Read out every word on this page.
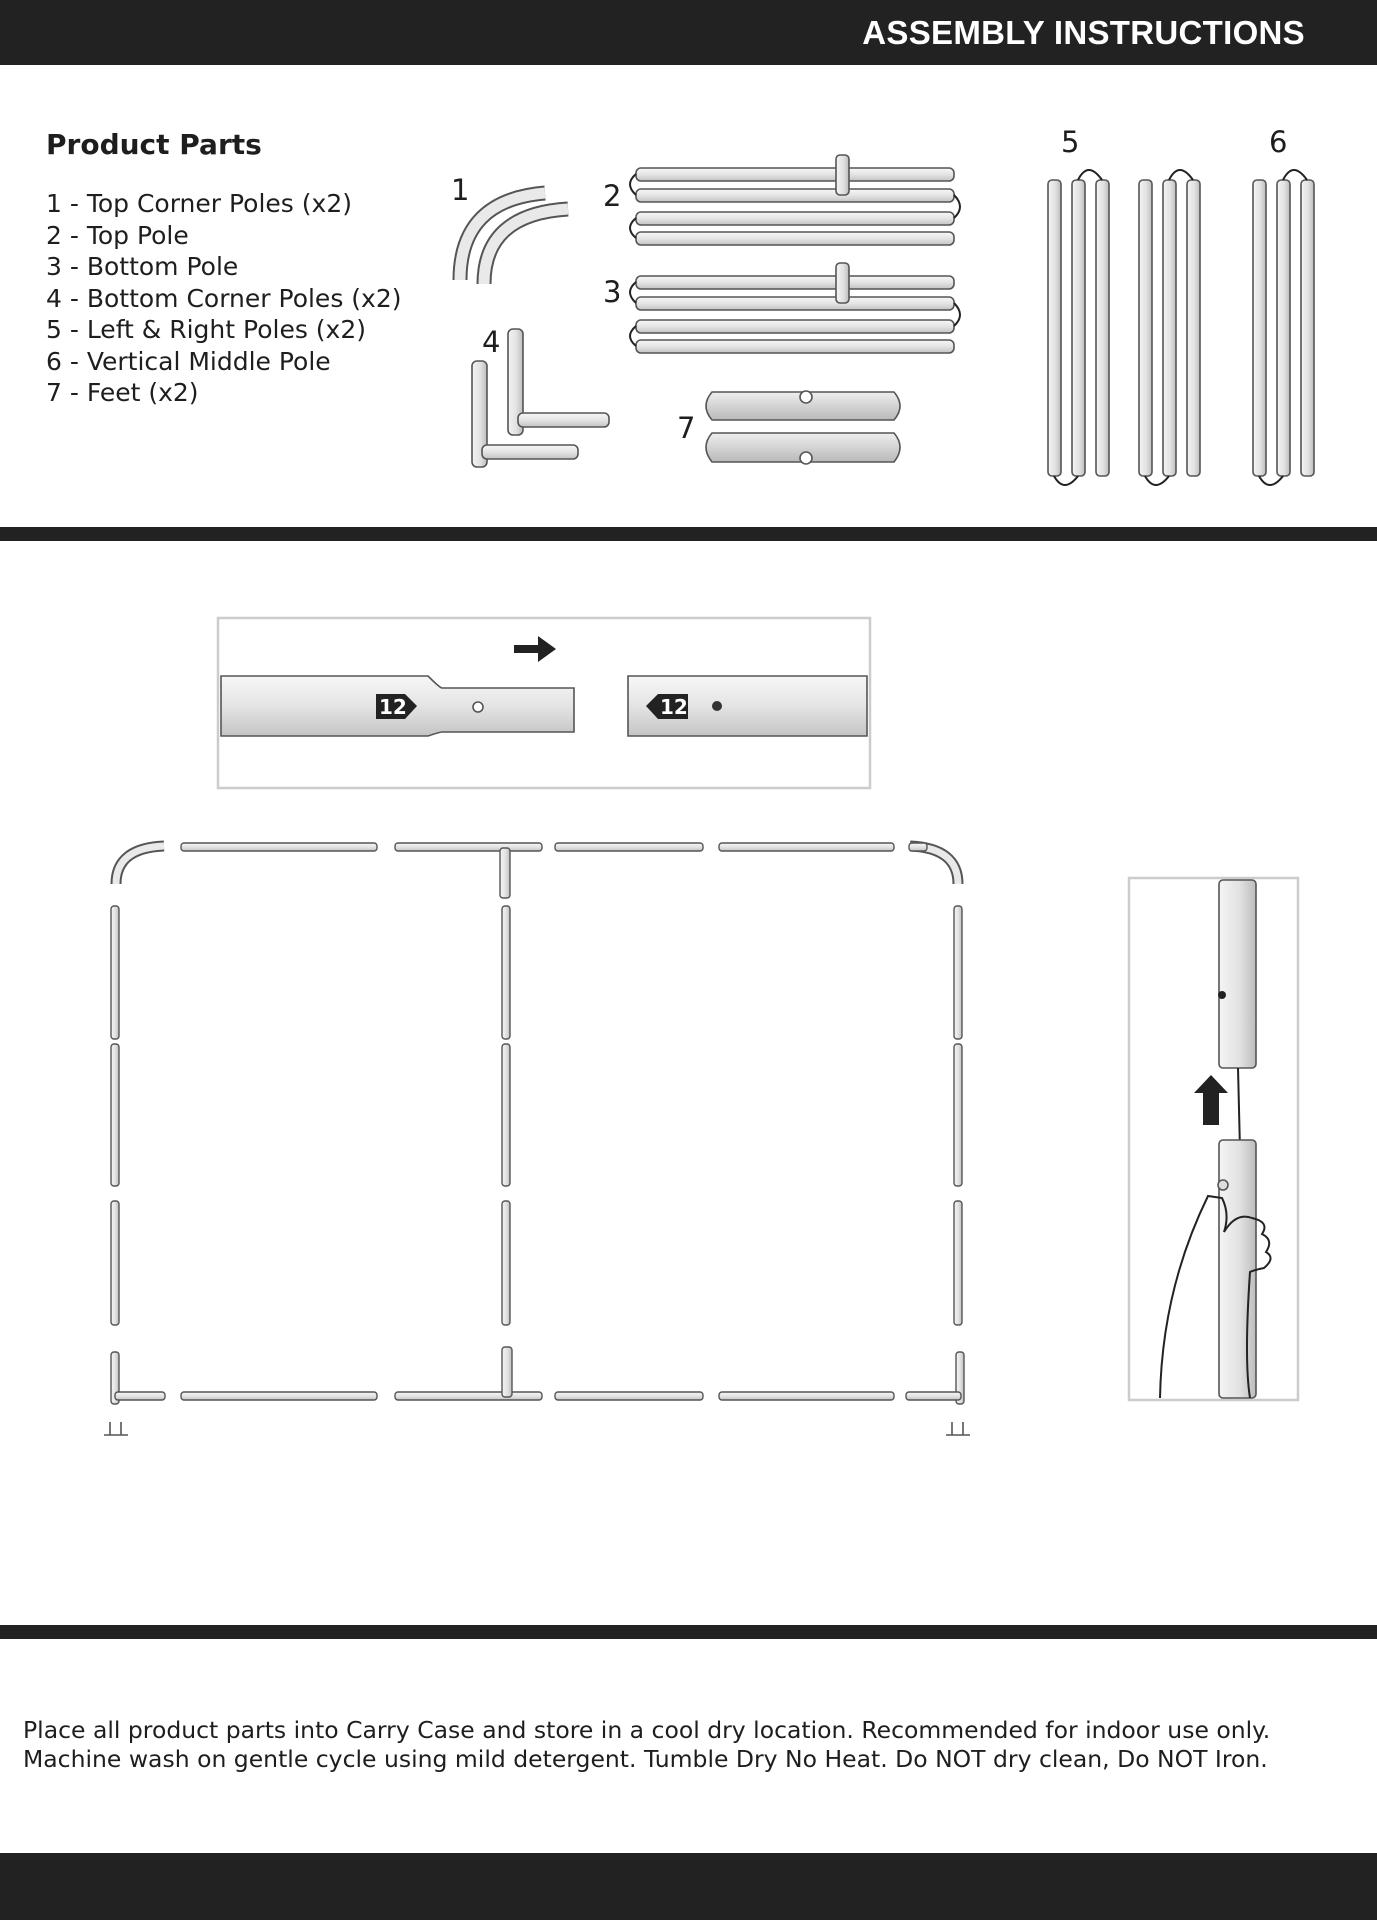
ASSEMBLY INSTRUCTIONS
Product Parts
1 - Top Corner Poles (x2)
2 - Top Pole
3 - Bottom Pole
4 - Bottom Corner Poles (x2)
5 - Left & Right Poles (x2)
6 - Vertical Middle Pole
7 - Feet (x2)

Place all product parts into Carry Case and store in a cool dry location. Recommended for indoor use only.

Machine wash on gentle cycle using mild detergent. Tumble Dry No Heat. Do NOT dry clean, Do NOT Iron.

1	2
3
4
5	6
7
12	12
